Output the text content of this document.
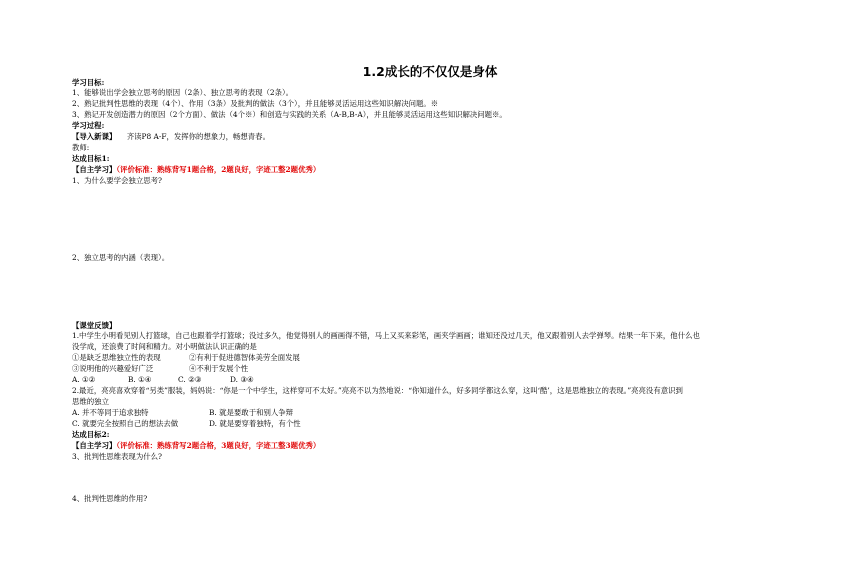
1.2成长的不仅仅是身体
学习目标:
1、能够说出学会独立思考的原因（2条）、独立思考的表现（2条）。
2、熟记批判性思维的表现（4个）、作用（3条）及批判的做法（3个），并且能够灵活运用这些知识解决问题。※
3、熟记开发创造潜力的原因（2个方面）、做法（4个※）和创造与实践的关系（A-B,B-A），并且能够灵活运用这些知识解决问题※。
学习过程:
【导入新课】 齐读P8 A-F，发挥你的想象力，畅想青春。
教师:
达成目标1:
【自主学习】（评价标准：熟练背写1题合格，2题良好，字迹工整2题优秀）
1、为什么要学会独立思考?
2、独立思考的内涵（表现）。
【课堂反馈】
1.中学生小明看见别人打篮球，自己也跟着学打篮球；没过多久，他觉得别人的画画得不错，马上又买来彩笔，画夹学画画；谁知还没过几天，他又跟着别人去学弹琴。结果一年下来，他什么也
没学成，还浪费了时间和精力。对小明做法认识正确的是
①是缺乏思维独立性的表现	②有利于促进德智体美劳全面发展
③说明他的兴趣爱好广泛	④不利于发展个性
A. ①②	B. ①④	C. ②③	D. ③④
2.最近，亮亮喜欢穿着“另类”服装，妈妈说：“你是一个中学生，这样穿可不太好。”亮亮不以为然地说：“你知道什么，好多同学都这么穿，这叫‘酷’，这是思维独立的表现。”亮亮没有意识到
思维的独立
A. 并不等同于追求独特	B. 就是要敢于和别人争辩
C. 就要完全按照自己的想法去做	D. 就是要穿着独特，有个性
达成目标2:
【自主学习】（评价标准：熟练背写2题合格，3题良好，字迹工整3题优秀）
3、批判性思维表现为什么?
4、批判性思维的作用?
